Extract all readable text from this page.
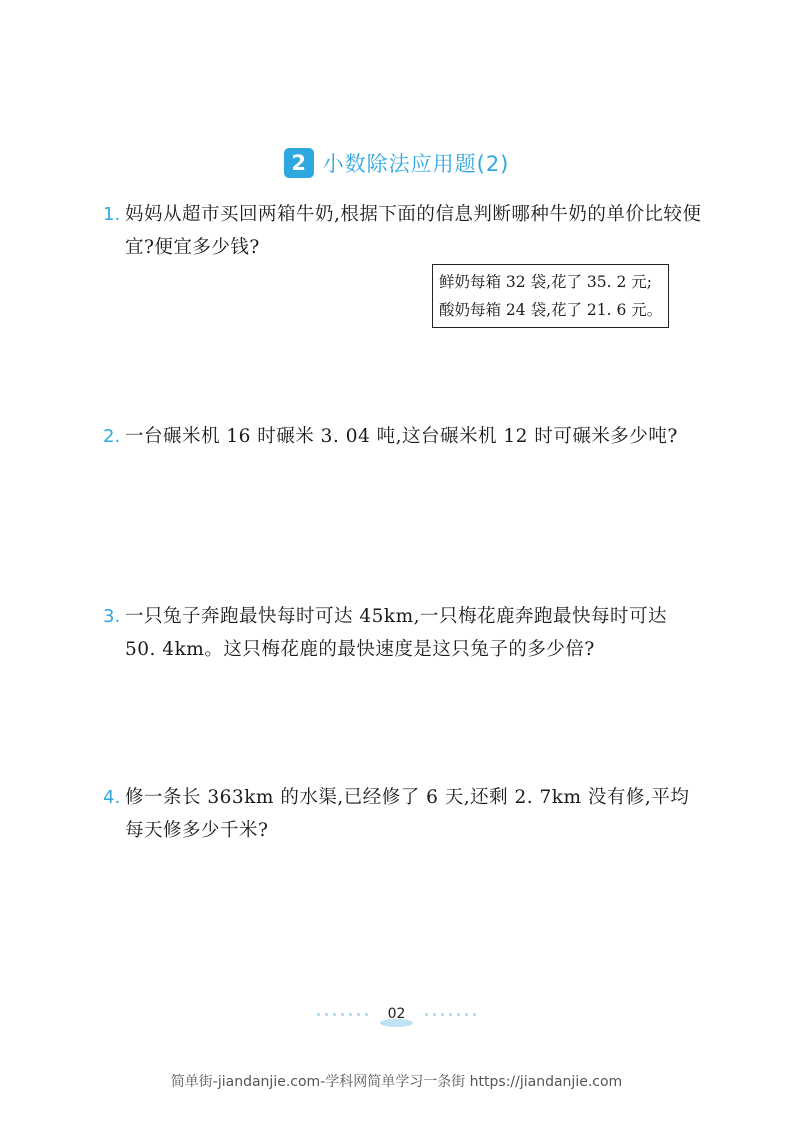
2 小数除法应用题(2)
1. 妈妈从超市买回两箱牛奶,根据下面的信息判断哪种牛奶的单价比较便宜?便宜多少钱?
鲜奶每箱 32 袋,花了 35. 2 元;
酸奶每箱 24 袋,花了 21. 6 元。
2. 一台碾米机 16 时碾米 3. 04 吨,这台碾米机 12 时可碾米多少吨?
3. 一只兔子奔跑最快每时可达 45km,一只梅花鹿奔跑最快每时可达 50. 4km。这只梅花鹿的最快速度是这只兔子的多少倍?
4. 修一条长 363km 的水渠,已经修了 6 天,还剩 2. 7km 没有修,平均每天修多少千米?
02
简单街-jiandanjie.com-学科网简单学习一条街 https://jiandanjie.com
